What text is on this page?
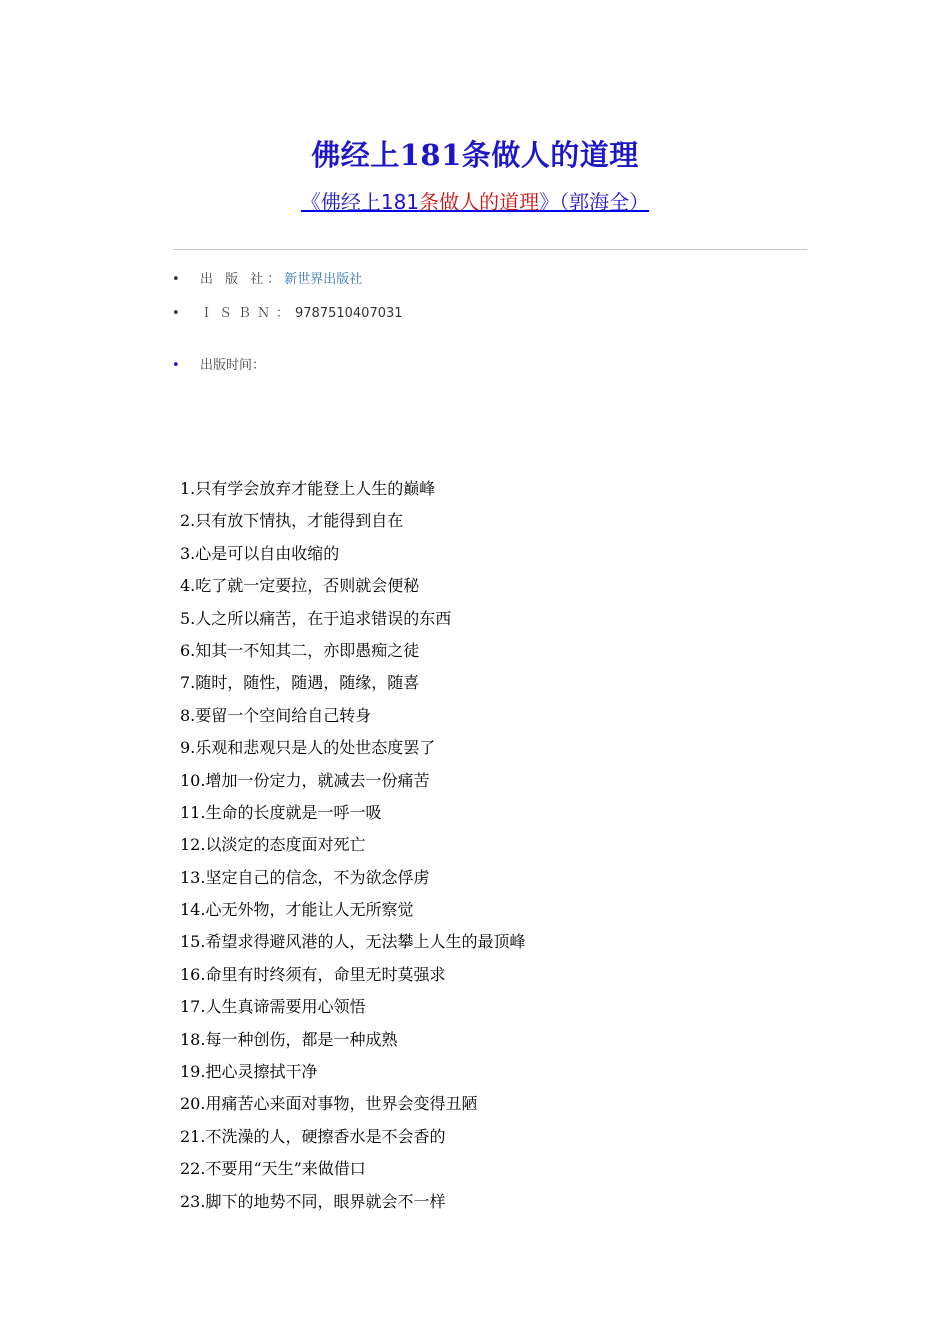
佛经上181条做人的道理
《佛经上181条做人的道理》（郭海全）
• 出 版 社：新世界出版社
• ＩＳＢＮ：9787510407031
• 出版时间：
1.只有学会放弃才能登上人生的巅峰
2.只有放下情执，才能得到自在
3.心是可以自由收缩的
4.吃了就一定要拉，否则就会便秘
5.人之所以痛苦，在于追求错误的东西
6.知其一不知其二，亦即愚痴之徒
7.随时，随性，随遇，随缘，随喜
8.要留一个空间给自己转身
9.乐观和悲观只是人的处世态度罢了
10.增加一份定力，就减去一份痛苦
11.生命的长度就是一呼一吸
12.以淡定的态度面对死亡
13.坚定自己的信念，不为欲念俘虏
14.心无外物，才能让人无所察觉
15.希望求得避风港的人，无法攀上人生的最顶峰
16.命里有时终须有，命里无时莫强求
17.人生真谛需要用心领悟
18.每一种创伤，都是一种成熟
19.把心灵擦拭干净
20.用痛苦心来面对事物，世界会变得丑陋
21.不洗澡的人，硬擦香水是不会香的
22.不要用“天生”来做借口
23.脚下的地势不同，眼界就会不一样
